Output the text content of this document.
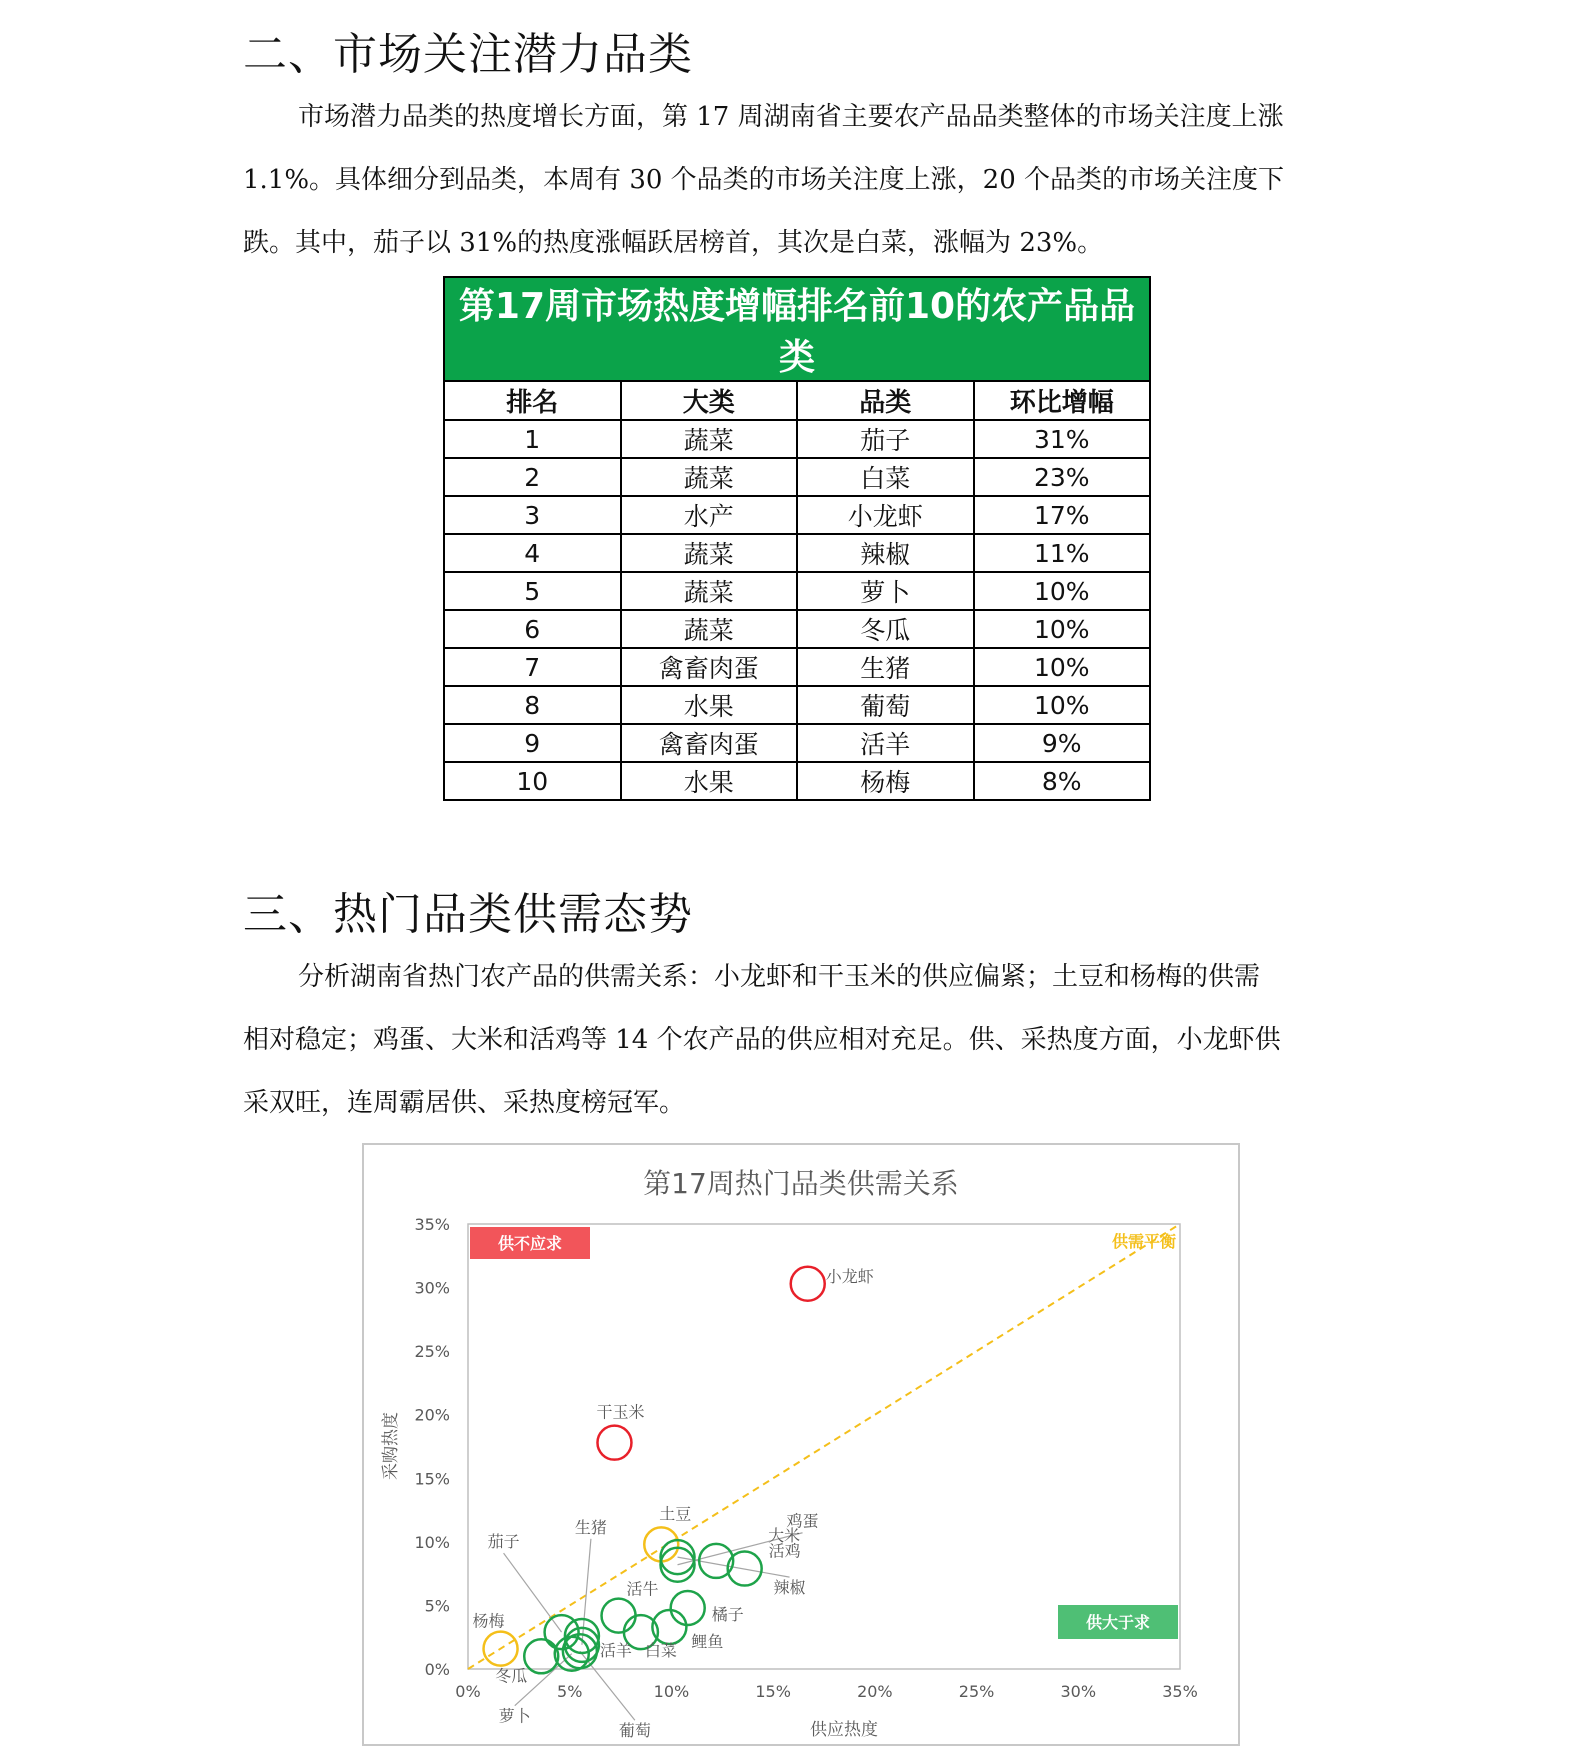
二、市场关注潜力品类
市场潜力品类的热度增长方面，第 17 周湖南省主要农产品品类整体的市场关注度上涨
1.1%。具体细分到品类，本周有 30 个品类的市场关注度上涨，20 个品类的市场关注度下
跌。其中，茄子以 31%的热度涨幅跃居榜首，其次是白菜，涨幅为 23%。
第17周市场热度增幅排名前10的农产品品类			
排名	大类	品类	环比增幅
1	蔬菜	茄子	31%
2	蔬菜	白菜	23%
3	水产	小龙虾	17%
4	蔬菜	辣椒	11%
5	蔬菜	萝卜	10%
6	蔬菜	冬瓜	10%
7	禽畜肉蛋	生猪	10%
8	水果	葡萄	10%
9	禽畜肉蛋	活羊	9%
10	水果	杨梅	8%
三、热门品类供需态势
分析湖南省热门农产品的供需关系：小龙虾和干玉米的供应偏紧；土豆和杨梅的供需
相对稳定；鸡蛋、大米和活鸡等 14 个农产品的供应相对充足。供、采热度方面，小龙虾供
采双旺，连周霸居供、采热度榜冠军。
第17周热门品类供需关系
0%	5%	10%	15%	20%	25%	30%	35%
0%
5%
10%
15%
20%
25%
30%
35%
小龙虾
干玉米
土豆
杨梅
鸡蛋
大米
活鸡
辣椒
橘子
鲤鱼
活牛
白菜
活羊
茄子
生猪
葡萄
萝卜
冬瓜
供不应求
供大于求
供需平衡
供应热度
采购热度
